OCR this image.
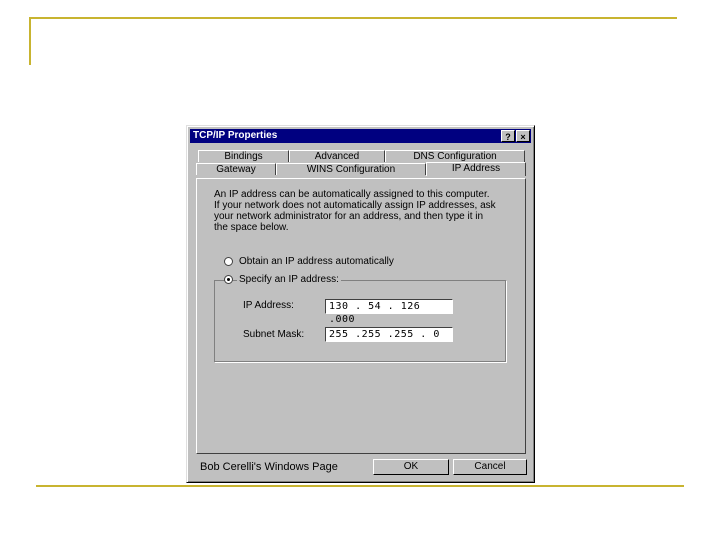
TCP/IP Properties	?	×
Bindings	Advanced	DNS Configuration
Gateway	WINS Configuration	IP Address
An IP address can be automatically assigned to this computer.
If your network does not automatically assign IP addresses, ask
your network administrator for an address, and then type it in
the space below.
Obtain an IP address automatically
Specify an IP address:
IP Address:	130 . 54 . 126 .000
Subnet Mask:	255 .255 .255 . 0
Bob Cerelli's Windows Page	OK	Cancel
